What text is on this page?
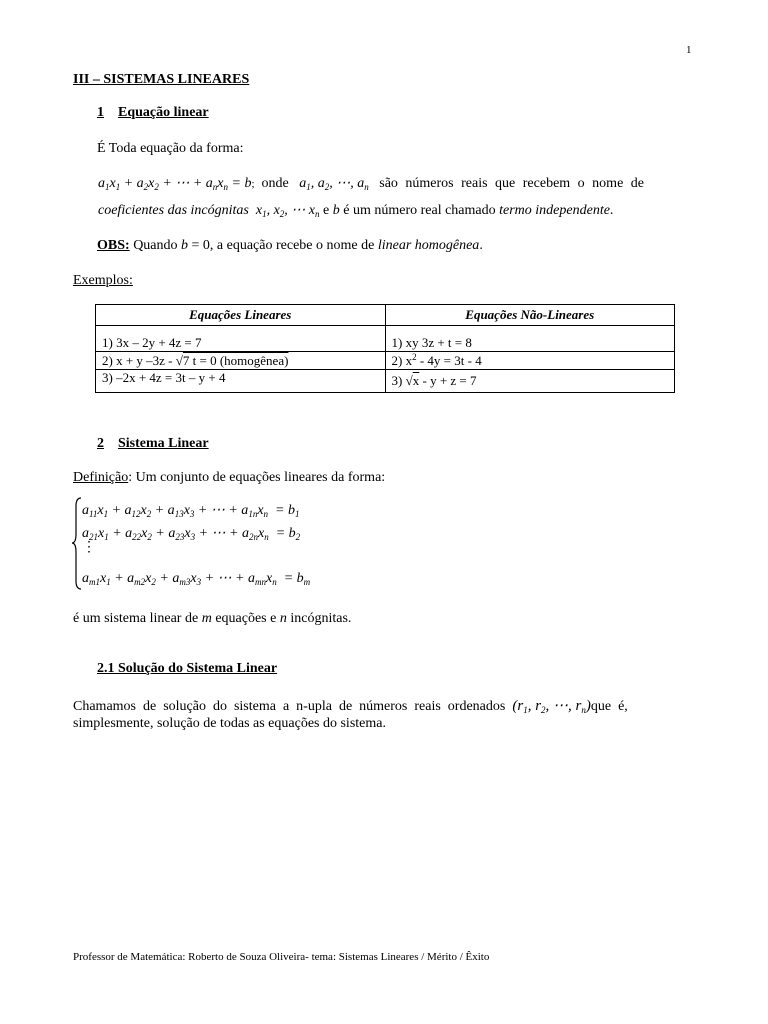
1
III – SISTEMAS LINEARES
1 Equação linear
É Toda equação da forma:
$a_1x_1 + a_2x_2$ + ⋯ + $a_nx_n = b$; onde $a_1$, $a_2$, ⋯, $a_n$ são números reais que recebem o nome de
coeficientes das incógnitas $x_1$, $x_2$, ⋯ $x_n$ e b é um número real chamado termo independente.
OBS: Quando b = 0, a equação recebe o nome de linear homogênea.
Exemplos:
Equações Lineares	Equações Não-Lineares
1) 3x – 2y + 4z = 7	1) xy 3z + t = 8
2) x + y –3z - √7 t = 0 (homogênea)	2) $x^2 - 4y = 3t - 4$
3) –2x + 4z = 3t – y + 4	3) √x - y + z = 7
2 Sistema Linear
Definição: Um conjunto de equações lineares da forma:
$a_{11}x_1 + a_{12}x_2 + a_{13}x_3$ + ⋯ + $a_{1n}x_n = b_1$
$a_{21}x_1 + a_{22}x_2 + a_{23}x_3$ + ⋯ + $a_{2n}x_n = b_2$
⋮
$a_{m1}x_1 + a_{m2}x_2 + a_{m3}x_3$ + ⋯ + $a_{mn}x_n = b_m$
é um sistema linear de m equações e n incógnitas.
2.1 Solução do Sistema Linear
Chamamos  de  solução  do  sistema  a  n-upla  de  números  reais  ordenados ($r_1$, $r_2$, ⋯, $r_n)que$  é,
simplesmente, solução de todas as equações do sistema.
Professor de Matemática: Roberto de Souza Oliveira- tema: Sistemas Lineares / Mérito / Êxito
